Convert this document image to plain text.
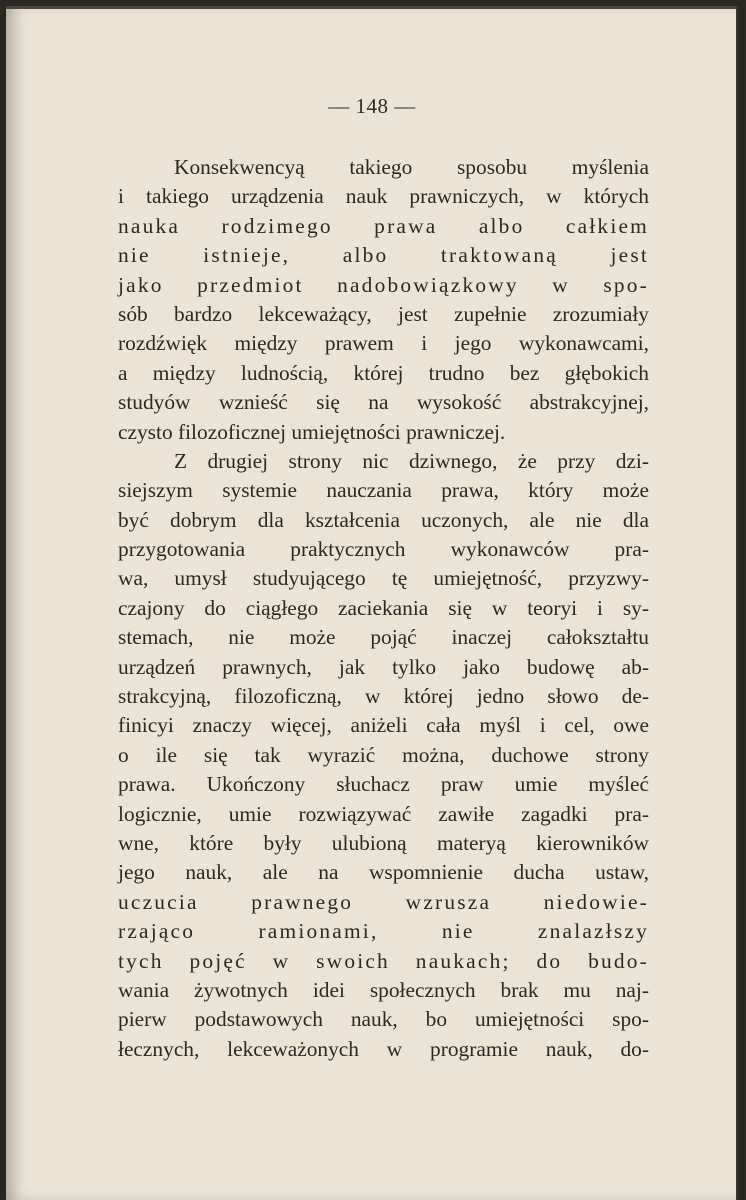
— 148 —
Konsekwencyą takiego sposobu myślenia
i takiego urządzenia nauk prawniczych, w których
nauka rodzimego prawa albo całkiem
nie istnieje, albo traktowaną jest
jako przedmiot nadobowiązkowy w spo-
sób bardzo lekceważący, jest zupełnie zrozumiały
rozdźwięk między prawem i jego wykonawcami,
a między ludnością, której trudno bez głębokich
studyów wznieść się na wysokość abstrakcyjnej,
czysto filozoficznej umiejętności prawniczej.
Z drugiej strony nic dziwnego, że przy dzi-
siejszym systemie nauczania prawa, który może
być dobrym dla kształcenia uczonych, ale nie dla
przygotowania praktycznych wykonawców pra-
wa, umysł studyującego tę umiejętność, przyzwy-
czajony do ciągłego zaciekania się w teoryi i sy-
stemach, nie może pojąć inaczej całokształtu
urządzeń prawnych, jak tylko jako budowę ab-
strakcyjną, filozoficzną, w której jedno słowo de-
finicyi znaczy więcej, aniżeli cała myśl i cel, owe
o ile się tak wyrazić można, duchowe strony
prawa. Ukończony słuchacz praw umie myśleć
logicznie, umie rozwiązywać zawiłe zagadki pra-
wne, które były ulubioną materyą kierowników
jego nauk, ale na wspomnienie ducha ustaw,
uczucia prawnego wzrusza niedowie-
rzająco ramionami, nie znalazłszy
tych pojęć w swoich naukach; do budo-
wania żywotnych idei społecznych brak mu naj-
pierw podstawowych nauk, bo umiejętności spo-
łecznych, lekceważonych w programie nauk, do-
